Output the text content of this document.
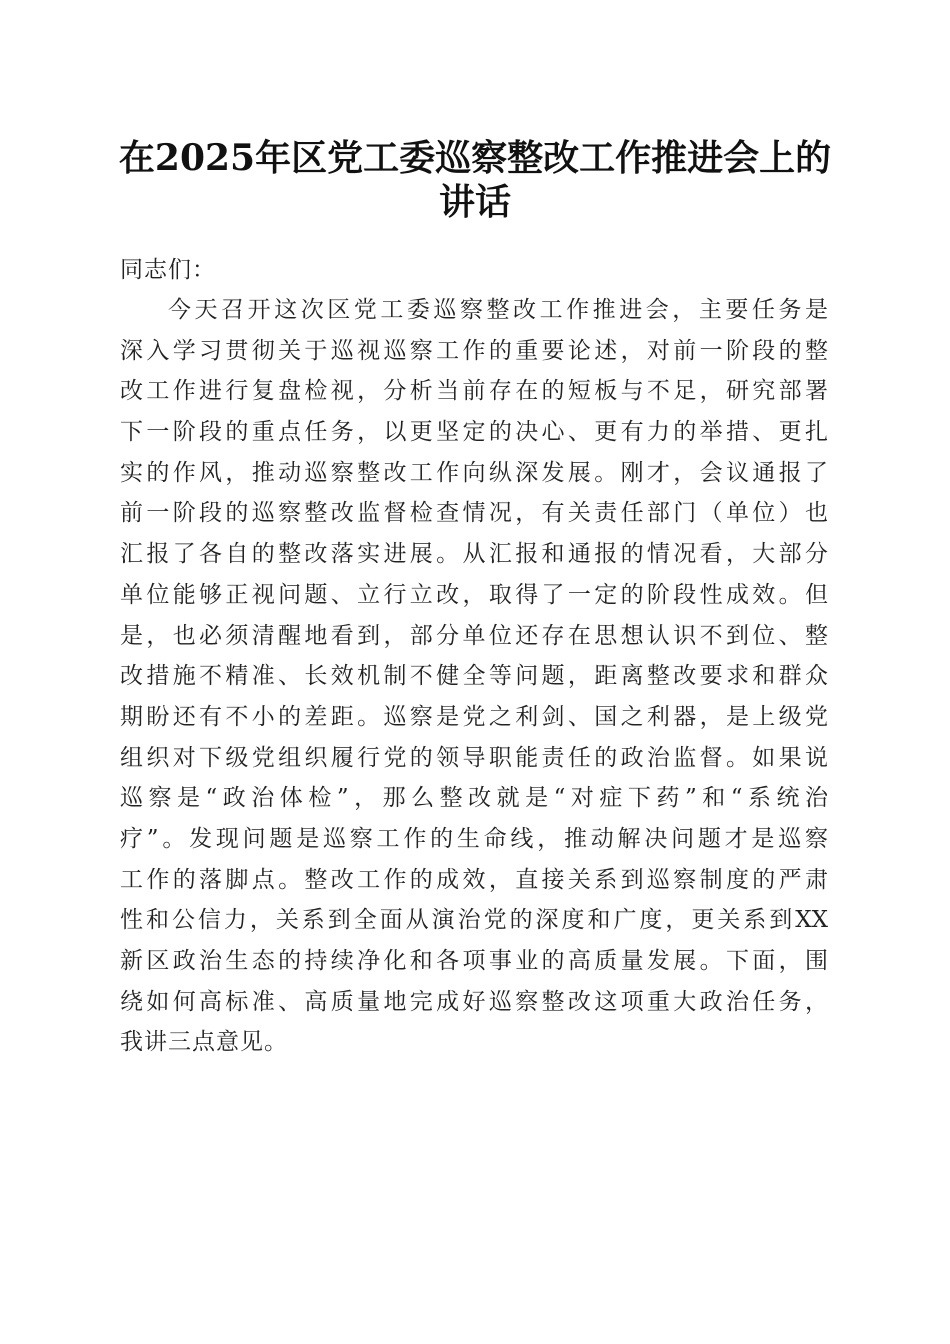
在2025年区党工委巡察整改工作推进会上的
讲话
同志们：
今天召开这次区党工委巡察整改工作推进会，主要任务是
深入学习贯彻关于巡视巡察工作的重要论述，对前一阶段的整
改工作进行复盘检视，分析当前存在的短板与不足，研究部署
下一阶段的重点任务，以更坚定的决心、更有力的举措、更扎
实的作风，推动巡察整改工作向纵深发展。刚才，会议通报了
前一阶段的巡察整改监督检查情况，有关责任部门（单位）也
汇报了各自的整改落实进展。从汇报和通报的情况看，大部分
单位能够正视问题、立行立改，取得了一定的阶段性成效。但
是，也必须清醒地看到，部分单位还存在思想认识不到位、整
改措施不精准、长效机制不健全等问题，距离整改要求和群众
期盼还有不小的差距。巡察是党之利剑、国之利器，是上级党
组织对下级党组织履行党的领导职能责任的政治监督。如果说
巡察是“政治体检”，那么整改就是“对症下药”和“系统治
疗”。发现问题是巡察工作的生命线，推动解决问题才是巡察
工作的落脚点。整改工作的成效，直接关系到巡察制度的严肃
性和公信力，关系到全面从演治党的深度和广度，更关系到XX
新区政治生态的持续净化和各项事业的高质量发展。下面，围
绕如何高标准、高质量地完成好巡察整改这项重大政治任务，
我讲三点意见。
